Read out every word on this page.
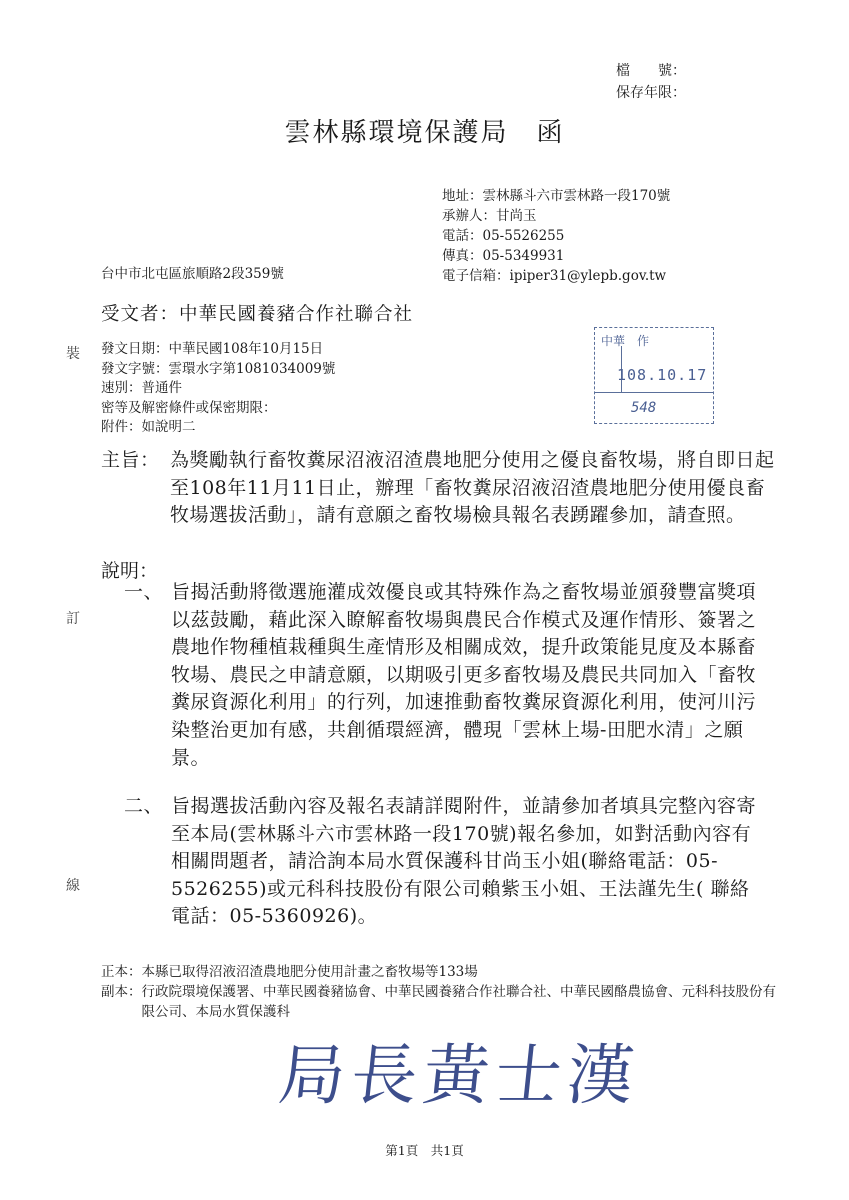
檔　　號：
保存年限：
雲林縣環境保護局　函
地址：雲林縣斗六市雲林路一段170號
承辦人：甘尚玉
電話：05-5526255
傳真：05-5349931
電子信箱：ipiper31@ylepb.gov.tw
台中市北屯區旅順路2段359號
受文者：中華民國養豬合作社聯合社
發文日期：中華民國108年10月15日
發文字號：雲環水字第1081034009號
速別：普通件
密等及解密條件或保密期限：
附件：如說明二
中華　作
108.10.17
548
主旨： 為獎勵執行畜牧糞尿沼液沼渣農地肥分使用之優良畜牧場，將自即日起至108年11月11日止，辦理「畜牧糞尿沼液沼渣農地肥分使用優良畜牧場選拔活動」，請有意願之畜牧場檢具報名表踴躍參加，請查照。
說明：
一、 旨揭活動將徵選施灌成效優良或其特殊作為之畜牧場並頒發豐富獎項以茲鼓勵，藉此深入瞭解畜牧場與農民合作模式及運作情形、簽署之農地作物種植栽種與生產情形及相關成效，提升政策能見度及本縣畜牧場、農民之申請意願，以期吸引更多畜牧場及農民共同加入「畜牧糞尿資源化利用」的行列，加速推動畜牧糞尿資源化利用，使河川污染整治更加有感，共創循環經濟，體現「雲林上場-田肥水清」之願景。
二、 旨揭選拔活動內容及報名表請詳閱附件，並請參加者填具完整內容寄至本局(雲林縣斗六市雲林路一段170號)報名參加，如對活動內容有相關問題者，請洽詢本局水質保護科甘尚玉小姐(聯絡電話：05-5526255)或元科科技股份有限公司賴紫玉小姐、王法謹先生( 聯絡電話：05-5360926)。
正本： 本縣已取得沼液沼渣農地肥分使用計畫之畜牧場等133場
副本： 行政院環境保護署、中華民國養豬協會、中華民國養豬合作社聯合社、中華民國酪農協會、元科科技股份有限公司、本局水質保護科
局長黃士漢
第1頁　共1頁
裝
訂
線
